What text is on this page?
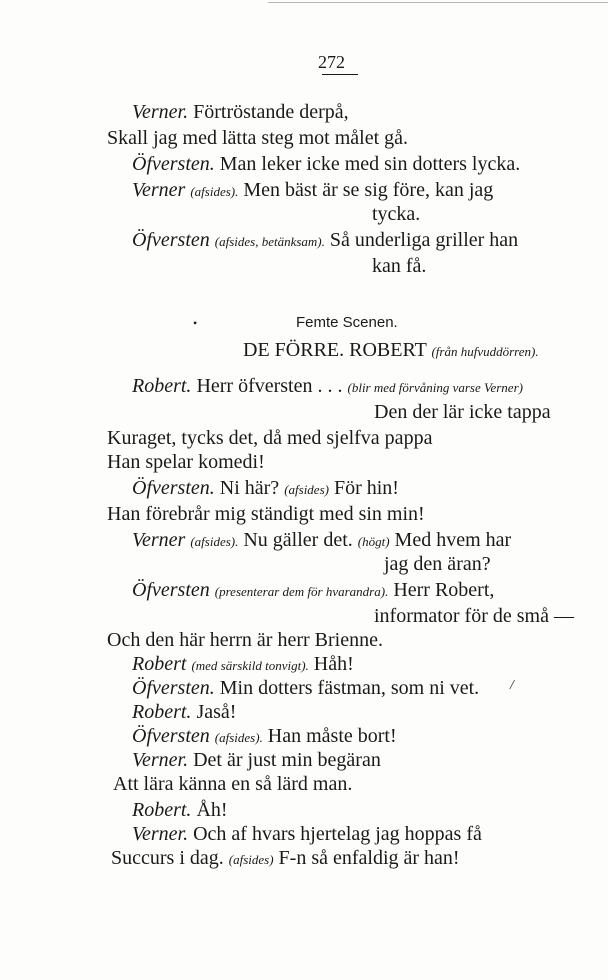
272
Verner. Förtröstande derpå,
Skall jag med lätta steg mot målet gå.
Öfversten. Man leker icke med sin dotters lycka.
Verner (afsides). Men bäst är se sig före, kan jag
tycka.
Öfversten (afsides, betänksam). Så underliga griller han
kan få.
•	Femte Scenen.
DE FÖRRE. ROBERT (från hufvuddörren).
Robert. Herr öfversten . . . (blir med förvåning varse Verner)
Den der lär icke tappa
Kuraget, tycks det, då med sjelfva pappa
Han spelar komedi!
Öfversten. Ni här? (afsides) För hin!
Han förebrår mig ständigt med sin min!
Verner (afsides). Nu gäller det. (högt) Med hvem har
jag den äran?
Öfversten (presenterar dem för hvarandra). Herr Robert,
informator för de små —
Och den här herrn är herr Brienne.
Robert (med särskild tonvigt). Håh!
Öfversten. Min dotters fästman, som ni vet. /
Robert. Jaså!
Öfversten (afsides). Han måste bort!
Verner. Det är just min begäran
Att lära känna en så lärd man.
Robert. Åh!
Verner. Och af hvars hjertelag jag hoppas få
Succurs i dag. (afsides) F-n så enfaldig är han!
